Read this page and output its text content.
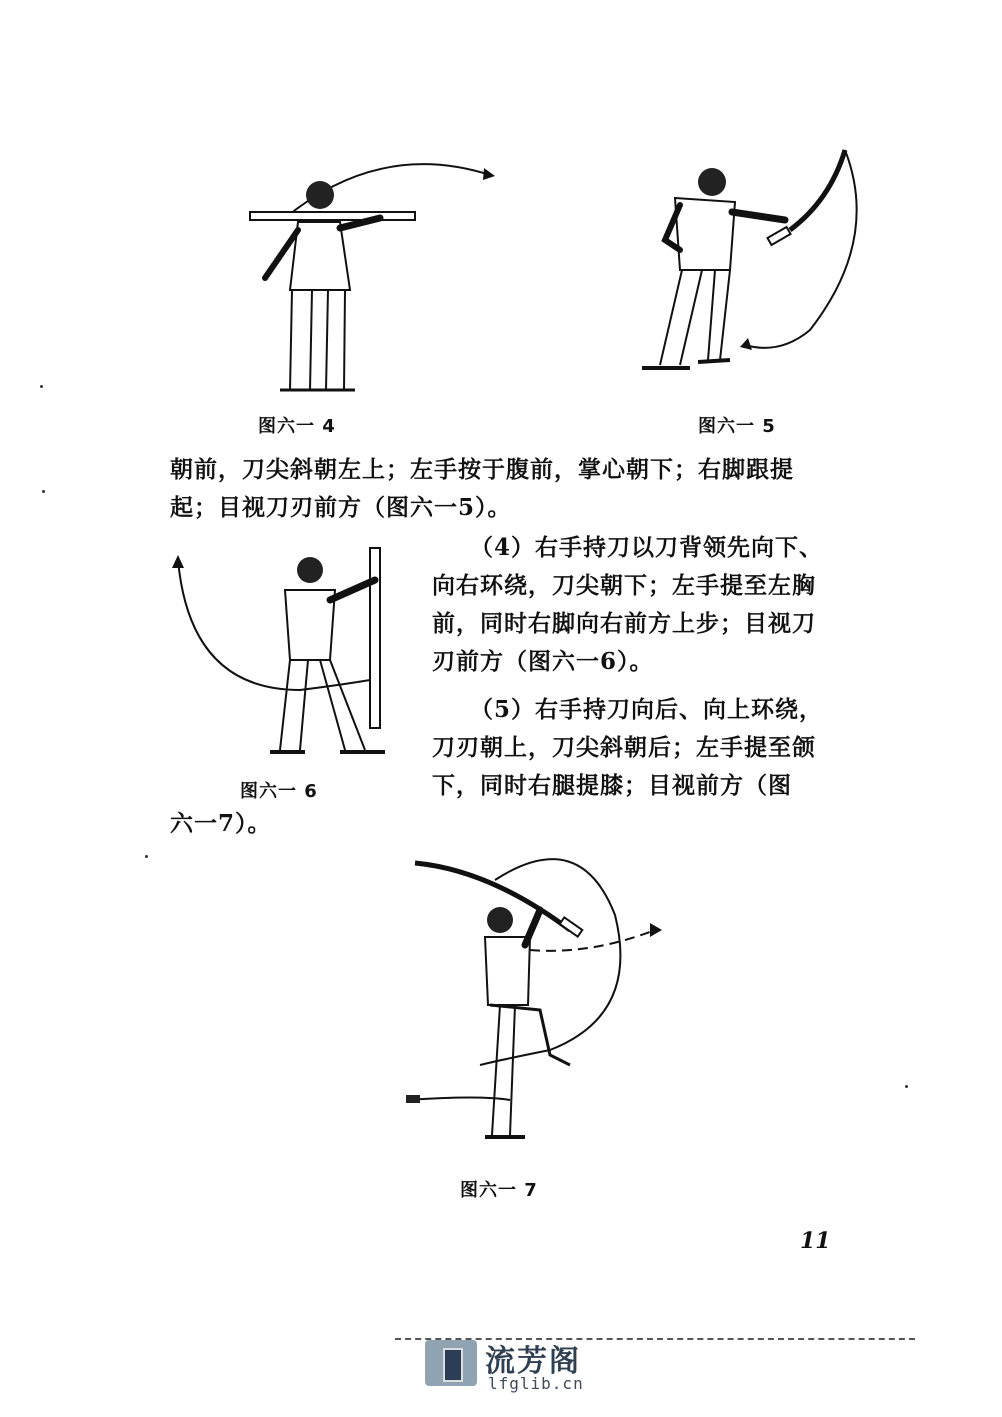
图六一 4	图六一 5
朝前，刀尖斜朝左上；左手按于腹前，掌心朝下；右脚跟提
起；目视刀刃前方（图六一5）。
图六一 6
（4）右手持刀以刀背领先向下、
向右环绕，刀尖朝下；左手提至左胸
前，同时右脚向右前方上步；目视刀
刃前方（图六一6）。
（5）右手持刀向后、向上环绕，
刀刃朝上，刀尖斜朝后；左手提至颌
下，同时右腿提膝；目视前方（图
六一7）。
图六一 7
11
流芳阁
lfglib.cn
